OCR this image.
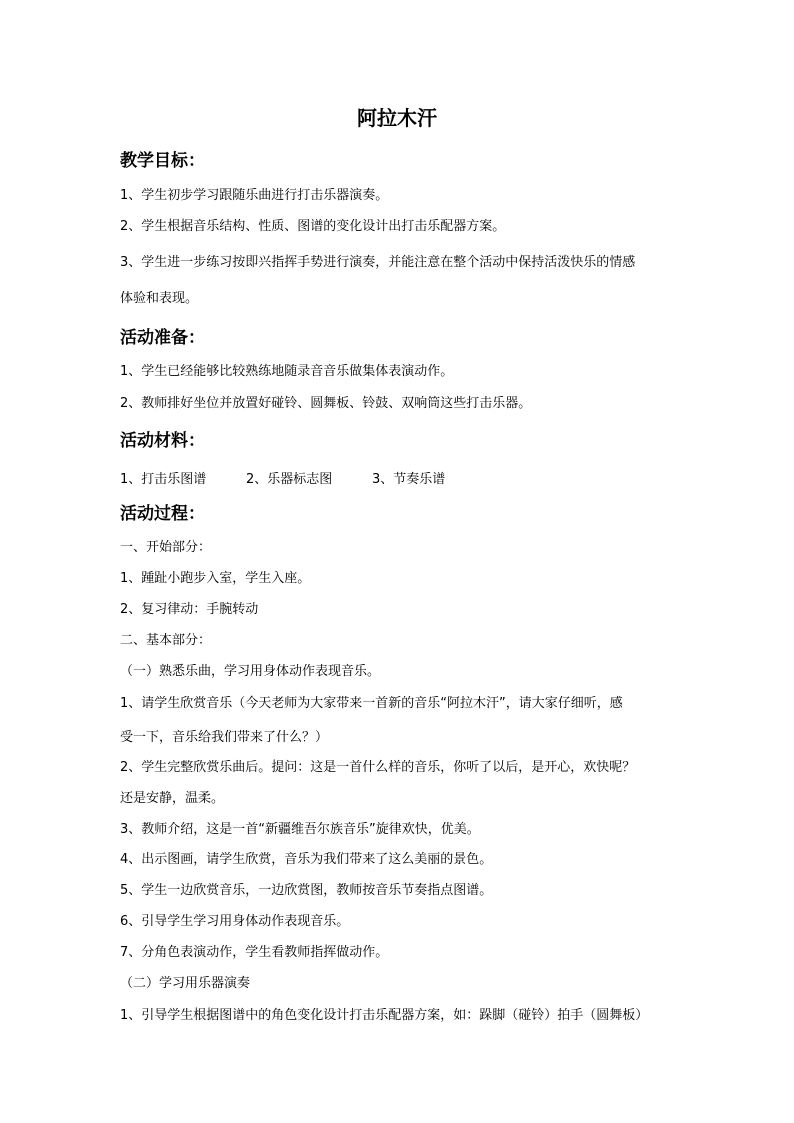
阿拉木汗
教学目标：

1、学生初步学习跟随乐曲进行打击乐器演奏。

2、学生根据音乐结构、性质、图谱的变化设计出打击乐配器方案。

3、学生进一步练习按即兴指挥手势进行演奏，并能注意在整个活动中保持活泼快乐的情感

体验和表现。

活动准备：

1、学生已经能够比较熟练地随录音音乐做集体表演动作。

2、教师排好坐位并放置好碰铃、圆舞板、铃鼓、双响筒这些打击乐器。

活动材料：
1、打击乐图谱	2、乐器标志图	3、节奏乐谱
活动过程：

一、开始部分：

1、踵趾小跑步入室，学生入座。

2、复习律动：手腕转动

二、基本部分：

（一）熟悉乐曲，学习用身体动作表现音乐。

1、请学生欣赏音乐（今天老师为大家带来一首新的音乐“阿拉木汗”，请大家仔细听，感

受一下，音乐给我们带来了什么？）

2、学生完整欣赏乐曲后。提问：这是一首什么样的音乐，你听了以后，是开心，欢快呢？

还是安静，温柔。

3、教师介绍，这是一首“新疆维吾尔族音乐”旋律欢快，优美。

4、出示图画，请学生欣赏，音乐为我们带来了这么美丽的景色。

5、学生一边欣赏音乐，一边欣赏图，教师按音乐节奏指点图谱。

6、引导学生学习用身体动作表现音乐。

7、分角色表演动作，学生看教师指挥做动作。

（二）学习用乐器演奏

1、引导学生根据图谱中的角色变化设计打击乐配器方案，如：跺脚（碰铃）拍手（圆舞板）
